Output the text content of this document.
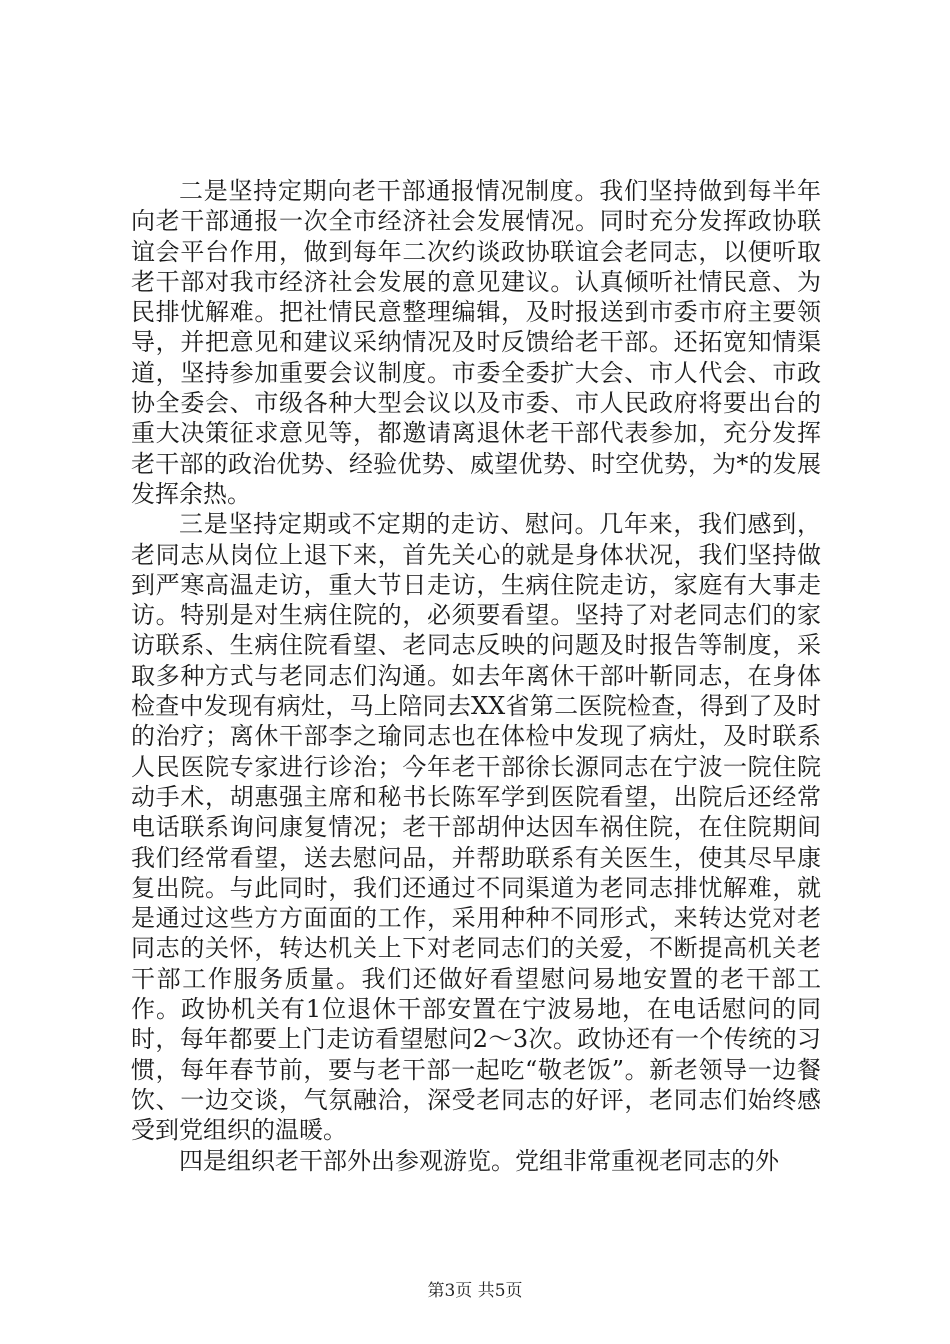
二是坚持定期向老干部通报情况制度。我们坚持做到每半年向老干部通报一次全市经济社会发展情况。同时充分发挥政协联谊会平台作用，做到每年二次约谈政协联谊会老同志，以便听取老干部对我市经济社会发展的意见建议。认真倾听社情民意、为民排忧解难。把社情民意整理编辑，及时报送到市委市府主要领导，并把意见和建议采纳情况及时反馈给老干部。还拓宽知情渠道，坚持参加重要会议制度。市委全委扩大会、市人代会、市政协全委会、市级各种大型会议以及市委、市人民政府将要出台的重大决策征求意见等，都邀请离退休老干部代表参加，充分发挥老干部的政治优势、经验优势、威望优势、时空优势，为*的发展发挥余热。

三是坚持定期或不定期的走访、慰问。几年来，我们感到，老同志从岗位上退下来，首先关心的就是身体状况，我们坚持做到严寒高温走访，重大节日走访，生病住院走访，家庭有大事走访。特别是对生病住院的，必须要看望。坚持了对老同志们的家访联系、生病住院看望、老同志反映的问题及时报告等制度，采取多种方式与老同志们沟通。如去年离休干部叶靳同志，在身体检查中发现有病灶，马上陪同去XX省第二医院检查，得到了及时的治疗；离休干部李之瑜同志也在体检中发现了病灶，及时联系人民医院专家进行诊治；今年老干部徐长源同志在宁波一院住院动手术，胡惠强主席和秘书长陈军学到医院看望，出院后还经常电话联系询问康复情况；老干部胡仲达因车祸住院，在住院期间我们经常看望，送去慰问品，并帮助联系有关医生，使其尽早康复出院。与此同时，我们还通过不同渠道为老同志排忧解难，就是通过这些方方面面的工作，采用种种不同形式，来转达党对老同志的关怀，转达机关上下对老同志们的关爱，不断提高机关老干部工作服务质量。我们还做好看望慰问易地安置的老干部工作。政协机关有1位退休干部安置在宁波易地，在电话慰问的同时，每年都要上门走访看望慰问2～3次。政协还有一个传统的习惯，每年春节前，要与老干部一起吃“敬老饭”。新老领导一边餐饮、一边交谈，气氛融洽，深受老同志的好评，老同志们始终感受到党组织的温暖。

四是组织老干部外出参观游览。党组非常重视老同志的外

第3页 共5页
